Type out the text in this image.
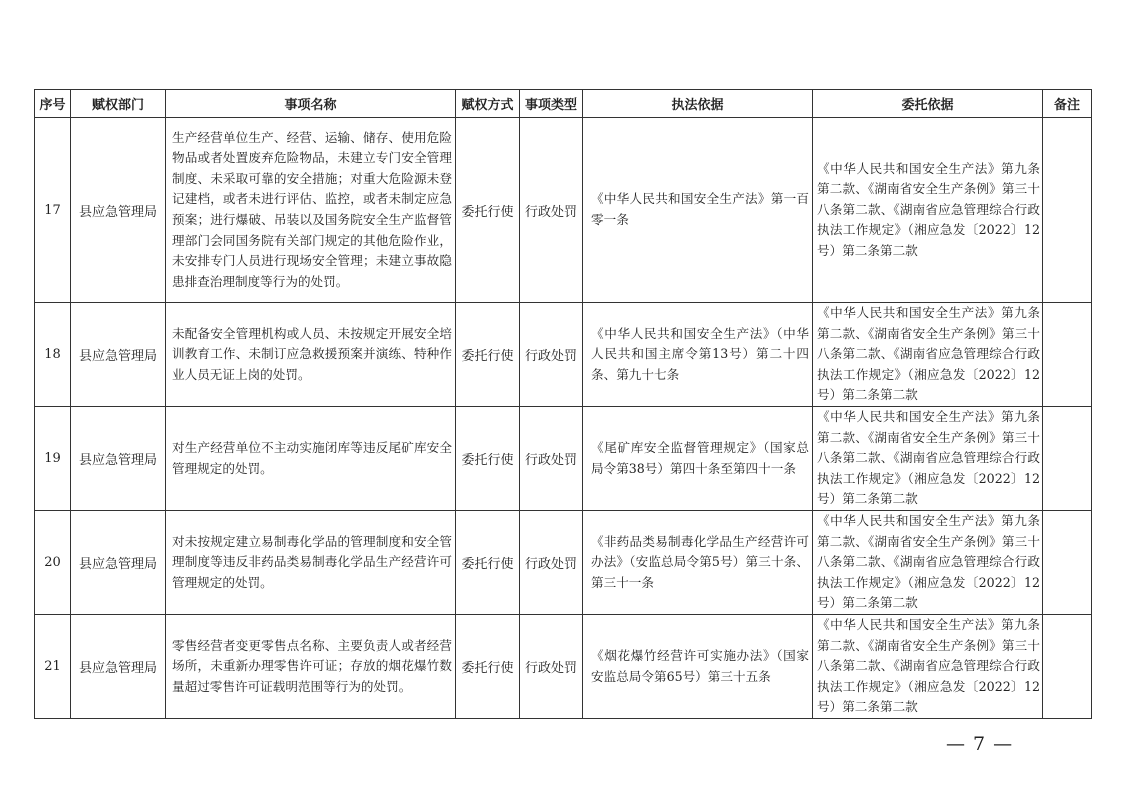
序号	赋权部门	事项名称	赋权方式	事项类型	执法依据	委托依据	备注
17	县应急管理局	生产经营单位生产、经营、运输、储存、使用危险物品或者处置废弃危险物品，未建立专门安全管理制度、未采取可靠的安全措施；对重大危险源未登记建档，或者未进行评估、监控，或者未制定应急预案；进行爆破、吊装以及国务院安全生产监督管理部门会同国务院有关部门规定的其他危险作业，未安排专门人员进行现场安全管理；未建立事故隐患排查治理制度等行为的处罚。	委托行使	行政处罚	《中华人民共和国安全生产法》第一百零一条	《中华人民共和国安全生产法》第九条第二款、《湖南省安全生产条例》第三十八条第二款、《湖南省应急管理综合行政执法工作规定》（湘应急发〔2022〕12号）第二条第二款	

18	县应急管理局	未配备安全管理机构或人员、未按规定开展安全培训教育工作、未制订应急救援预案并演练、特种作业人员无证上岗的处罚。	委托行使	行政处罚	《中华人民共和国安全生产法》（中华人民共和国主席令第13号）第二十四条、第九十七条	《中华人民共和国安全生产法》第九条第二款、《湖南省安全生产条例》第三十八条第二款、《湖南省应急管理综合行政执法工作规定》（湘应急发〔2022〕12号）第二条第二款	

19	县应急管理局	对生产经营单位不主动实施闭库等违反尾矿库安全管理规定的处罚。	委托行使	行政处罚	《尾矿库安全监督管理规定》（国家总局令第38号）第四十条至第四十一条	《中华人民共和国安全生产法》第九条第二款、《湖南省安全生产条例》第三十八条第二款、《湖南省应急管理综合行政执法工作规定》（湘应急发〔2022〕12号）第二条第二款	

20	县应急管理局	对未按规定建立易制毒化学品的管理制度和安全管理制度等违反非药品类易制毒化学品生产经营许可管理规定的处罚。	委托行使	行政处罚	《非药品类易制毒化学品生产经营许可办法》（安监总局令第5号）第三十条、第三十一条	《中华人民共和国安全生产法》第九条第二款、《湖南省安全生产条例》第三十八条第二款、《湖南省应急管理综合行政执法工作规定》（湘应急发〔2022〕12号）第二条第二款	

21	县应急管理局	零售经营者变更零售点名称、主要负责人或者经营场所，未重新办理零售许可证；存放的烟花爆竹数量超过零售许可证载明范围等行为的处罚。	委托行使	行政处罚	《烟花爆竹经营许可实施办法》（国家安监总局令第65号）第三十五条	《中华人民共和国安全生产法》第九条第二款、《湖南省安全生产条例》第三十八条第二款、《湖南省应急管理综合行政执法工作规定》（湘应急发〔2022〕12号）第二条第二款	

— 7 —
